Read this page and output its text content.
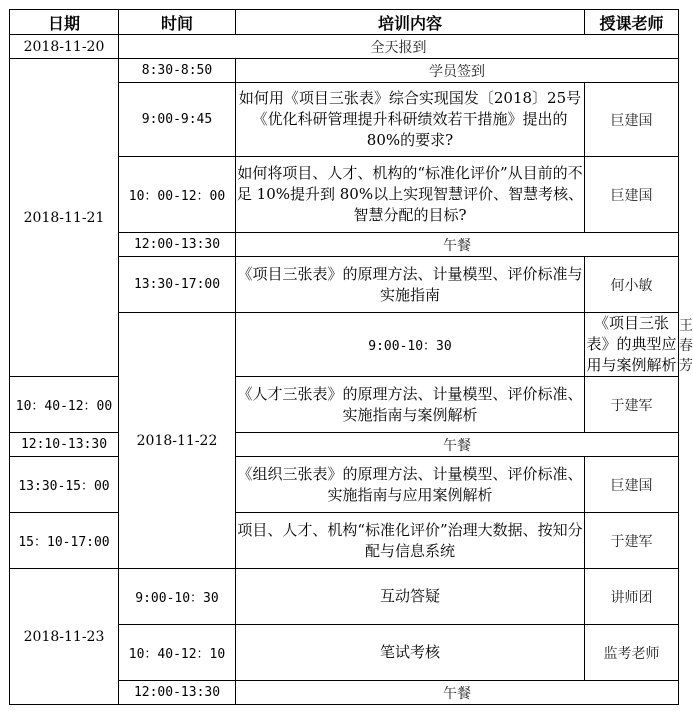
日期	时间	培训内容	授课老师	
2018-11-20	全天报到			
2018-11-21	8:30-8:50	学员签到		
	9:00-9:45	如何用《项目三张表》综合实现国发〔2018〕25号《优化科研管理提升科研绩效若干措施》提出的80%的要求?	巨建国	
	10：00-12：00	如何将项目、人才、机构的“标准化评价”从目前的不足 10%提升到 80%以上实现智慧评价、智慧考核、智慧分配的目标?	巨建国	
	12:00-13:30	午餐		
	13:30-17:00	《项目三张表》的原理方法、计量模型、评价标准与实施指南	何小敏	
	2018-11-22	9:00-10：30	《项目三张表》的典型应用与案例解析	王春芳
10：40-12：00		《人才三张表》的原理方法、计量模型、评价标准、实施指南与案例解析	于建军	
12:10-13:30		午餐		
13:30-15：00		《组织三张表》的原理方法、计量模型、评价标准、实施指南与应用案例解析	巨建国	
15：10-17:00		项目、人才、机构“标准化评价”治理大数据、按知分配与信息系统	于建军	
2018-11-23	9:00-10：30	互动答疑	讲师团	
	10：40-12：10	笔试考核	监考老师	
	12:00-13:30	午餐		
